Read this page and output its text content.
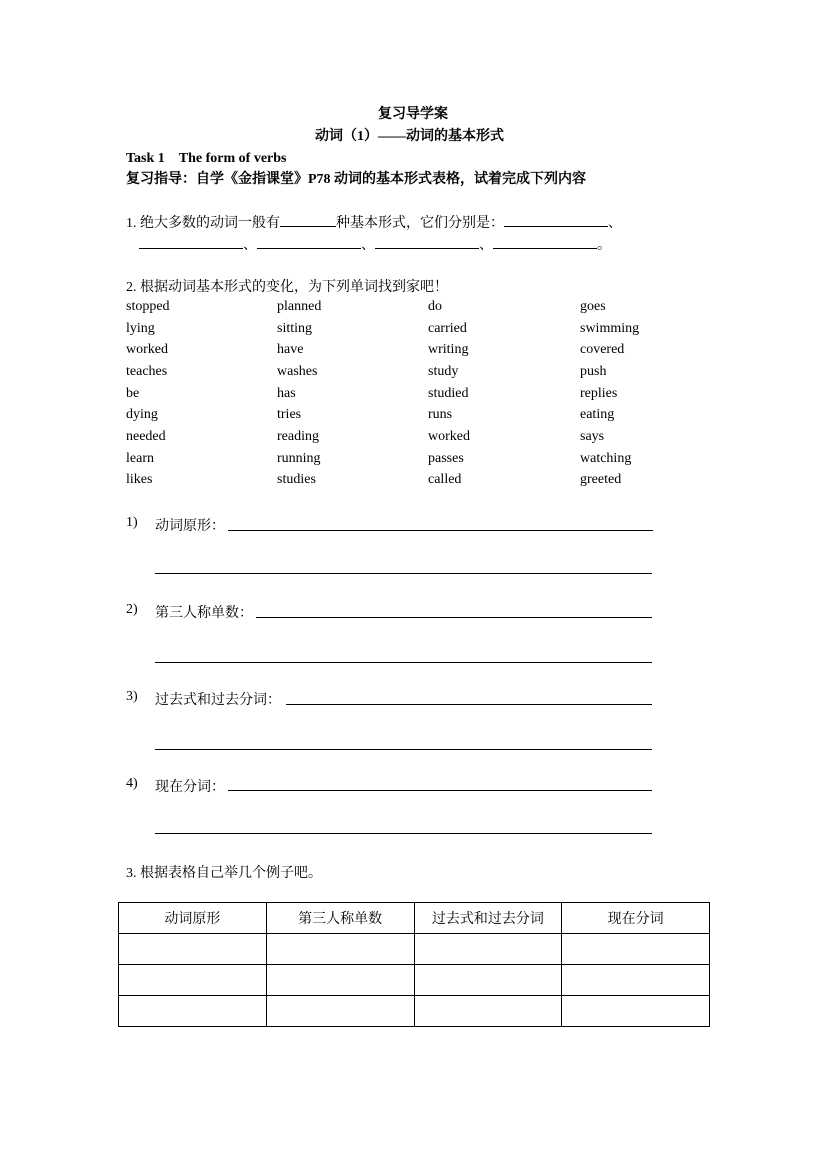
复习导学案
动词（1）——动词的基本形式
Task 1　The form of verbs
复习指导：自学《金指课堂》P78 动词的基本形式表格，试着完成下列内容
1. 绝大多数的动词一般有	种基本形式，它们分别是：	、
、	、	、	。
2. 根据动词基本形式的变化，为下列单词找到家吧！
stopped	planned	do	goes
lying	sitting	carried	swimming
worked	have	writing	covered
teaches	washes	study	push
be	has	studied	replies
dying	tries	runs	eating
needed	reading	worked	says
learn	running	passes	watching
likes	studies	called	greeted
1) 动词原形：
2) 第三人称单数：
3) 过去式和过去分词：
4) 现在分词：
3. 根据表格自己举几个例子吧。
动词原形	第三人称单数	过去式和过去分词	现在分词
